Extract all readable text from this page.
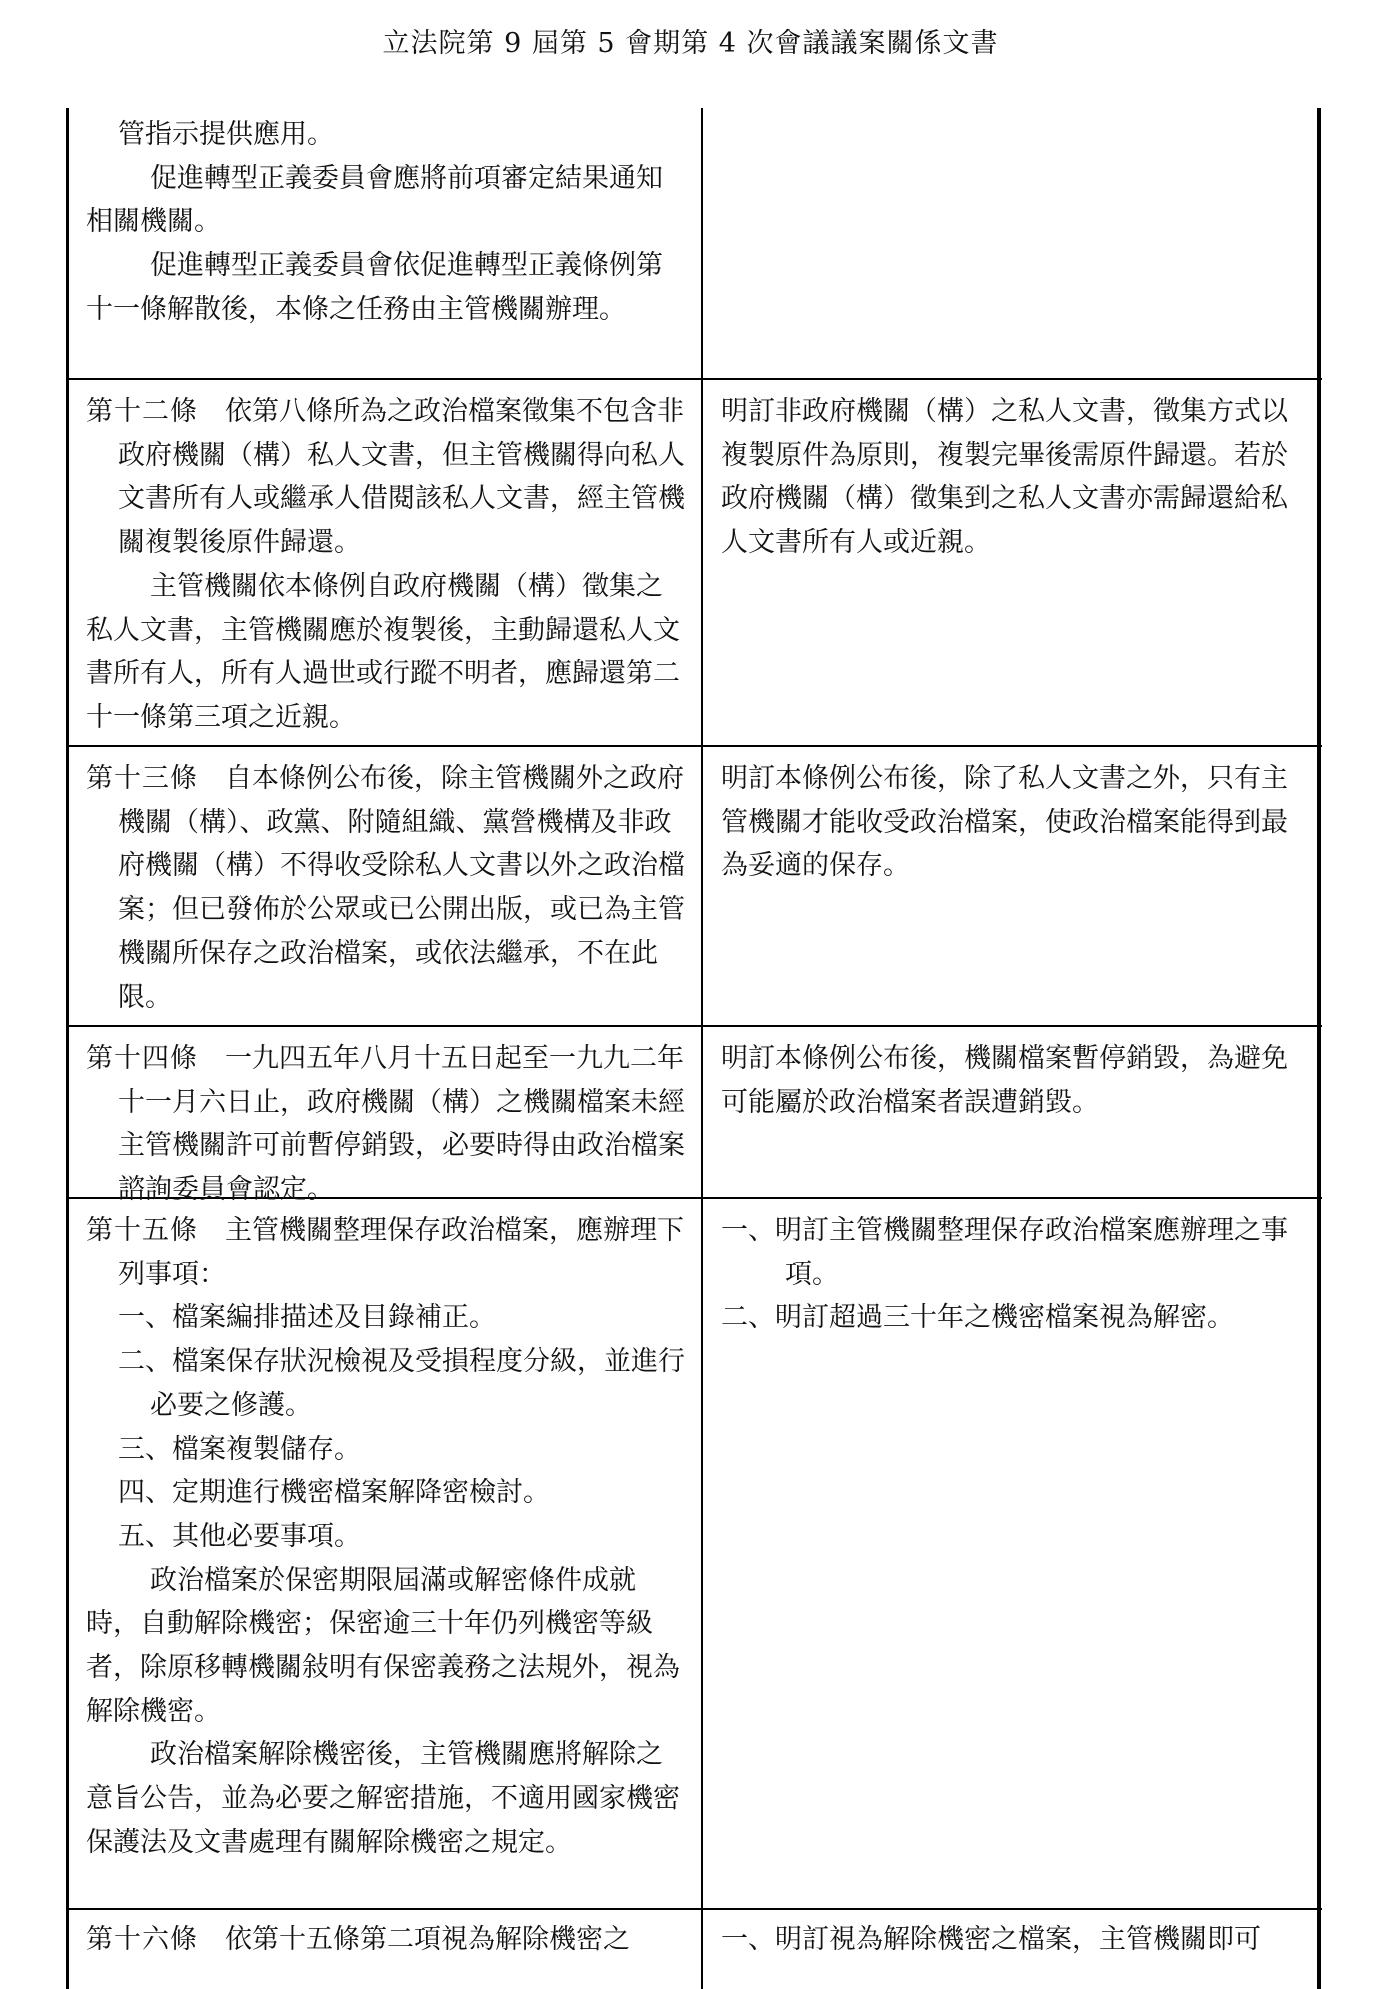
立法院第 9 屆第 5 會期第 4 次會議議案關係文書

管指示提供應用。

促進轉型正義委員會應將前項審定結果通知相關機關。

促進轉型正義委員會依促進轉型正義條例第十一條解散後，本條之任務由主管機關辦理。

第十二條　 依第八條所為之政治檔案徵集不包含非政府機關（構）私人文書，但主管機關得向私人文書所有人或繼承人借閱該私人文書，經主管機關複製後原件歸還。

主管機關依本條例自政府機關（構）徵集之私人文書，主管機關應於複製後，主動歸還私人文書所有人，所有人過世或行蹤不明者，應歸還第二十一條第三項之近親。

明訂非政府機關（構）之私人文書，徵集方式以複製原件為原則，複製完畢後需原件歸還。若於政府機關（構）徵集到之私人文書亦需歸還給私人文書所有人或近親。

第十三條　 自本條例公布後，除主管機關外之政府機關（構）、政黨、附隨組織、黨營機構及非政府機關（構）不得收受除私人文書以外之政治檔案；但已發佈於公眾或已公開出版，或已為主管機關所保存之政治檔案，或依法繼承，不在此限。

明訂本條例公布後，除了私人文書之外，只有主管機關才能收受政治檔案，使政治檔案能得到最為妥適的保存。

第十四條　 一九四五年八月十五日起至一九九二年十一月六日止，政府機關（構）之機關檔案未經主管機關許可前暫停銷毀，必要時得由政治檔案諮詢委員會認定。

明訂本條例公布後，機關檔案暫停銷毀，為避免可能屬於政治檔案者誤遭銷毀。

第十五條　 主管機關整理保存政治檔案，應辦理下列事項：

一、檔案編排描述及目錄補正。

二、檔案保存狀況檢視及受損程度分級，並進行必要之修護。

三、檔案複製儲存。

四、定期進行機密檔案解降密檢討。

五、其他必要事項。

政治檔案於保密期限屆滿或解密條件成就時，自動解除機密；保密逾三十年仍列機密等級者，除原移轉機關敍明有保密義務之法規外，視為解除機密。

政治檔案解除機密後，主管機關應將解除之意旨公告，並為必要之解密措施，不適用國家機密保護法及文書處理有關解除機密之規定。

一、明訂主管機關整理保存政治檔案應辦理之事項。

二、明訂超過三十年之機密檔案視為解密。

第十六條　 依第十五條第二項視為解除機密之	一、明訂視為解除機密之檔案，主管機關即可
